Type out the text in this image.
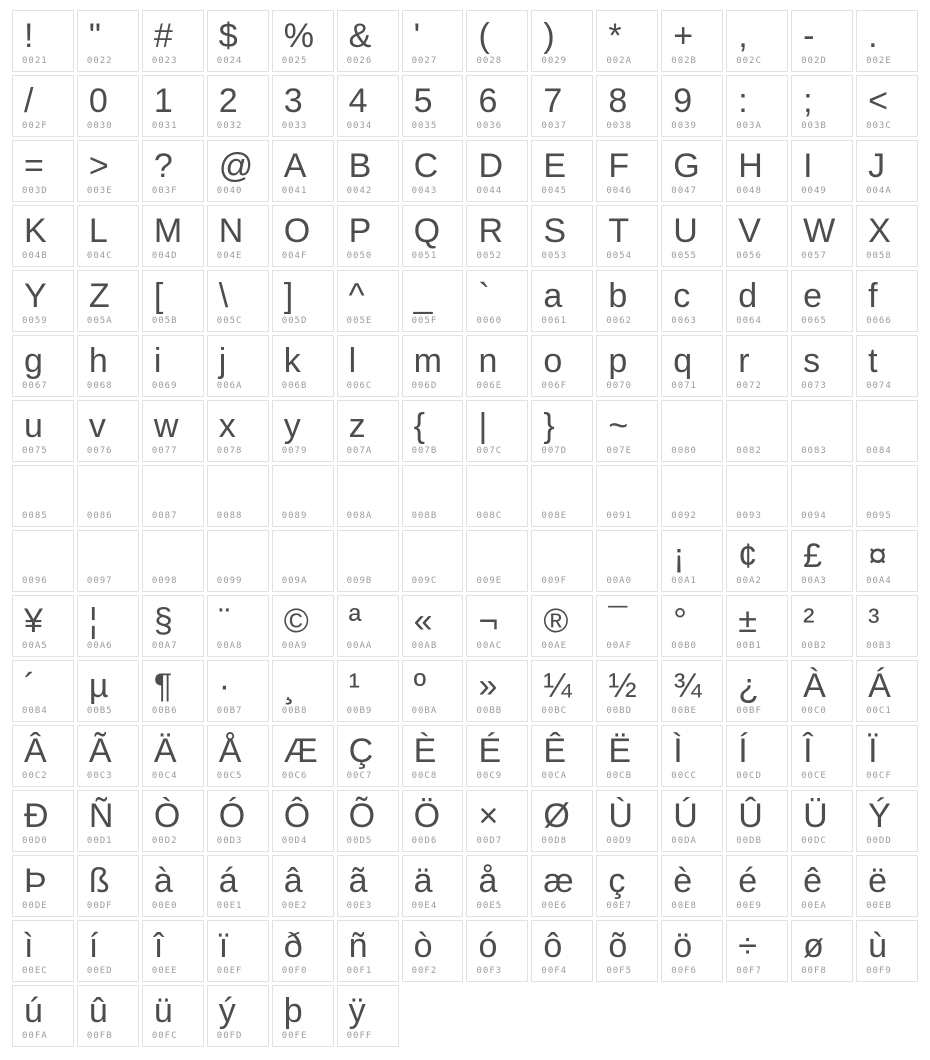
!
0021
"
0022
#
0023
$
0024
%
0025
&
0026
'
0027
(
0028
)
0029
*
002A
+
002B
,
002C
-
002D
.
002E
/
002F
0
0030
1
0031
2
0032
3
0033
4
0034
5
0035
6
0036
7
0037
8
0038
9
0039
:
003A
;
003B
<
003C
=
003D
>
003E
?
003F
@
0040
A
0041
B
0042
C
0043
D
0044
E
0045
F
0046
G
0047
H
0048
I
0049
J
004A
K
004B
L
004C
M
004D
N
004E
O
004F
P
0050
Q
0051
R
0052
S
0053
T
0054
U
0055
V
0056
W
0057
X
0058
Y
0059
Z
005A
[
005B
\
005C
]
005D
^
005E
_
005F
`
0060
a
0061
b
0062
c
0063
d
0064
e
0065
f
0066
g
0067
h
0068
i
0069
j
006A
k
006B
l
006C
m
006D
n
006E
o
006F
p
0070
q
0071
r
0072
s
0073
t
0074
u
0075
v
0076
w
0077
x
0078
y
0079
z
007A
{
007B
|
007C
}
007D
~
007E	0080	0082	0083	0084
0085	0086	0087	0088	0089	008A	008B	008C	008E	0091	0092	0093	0094	0095
0096	0097	0098	0099	009A	009B	009C	009E	009F	00A0
¡
00A1
¢
00A2
£
00A3
¤
00A4
¥
00A5
¦
00A6
§
00A7
¨
00A8
©
00A9
ª
00AA
«
00AB
¬
00AC
®
00AE
¯
00AF
°
00B0
±
00B1
²
00B2
³
00B3
´
00B4
µ
00B5
¶
00B6
·
00B7
¸
00B8
¹
00B9
º
00BA
»
00BB
¼
00BC
½
00BD
¾
00BE
¿
00BF
À
00C0
Á
00C1
Â
00C2
Ã
00C3
Ä
00C4
Å
00C5
Æ
00C6
Ç
00C7
È
00C8
É
00C9
Ê
00CA
Ë
00CB
Ì
00CC
Í
00CD
Î
00CE
Ï
00CF
Ð
00D0
Ñ
00D1
Ò
00D2
Ó
00D3
Ô
00D4
Õ
00D5
Ö
00D6
×
00D7
Ø
00D8
Ù
00D9
Ú
00DA
Û
00DB
Ü
00DC
Ý
00DD
Þ
00DE
ß
00DF
à
00E0
á
00E1
â
00E2
ã
00E3
ä
00E4
å
00E5
æ
00E6
ç
00E7
è
00E8
é
00E9
ê
00EA
ë
00EB
ì
00EC
í
00ED
î
00EE
ï
00EF
ð
00F0
ñ
00F1
ò
00F2
ó
00F3
ô
00F4
õ
00F5
ö
00F6
÷
00F7
ø
00F8
ù
00F9
ú
00FA
û
00FB
ü
00FC
ý
00FD
þ
00FE
ÿ
00FF
